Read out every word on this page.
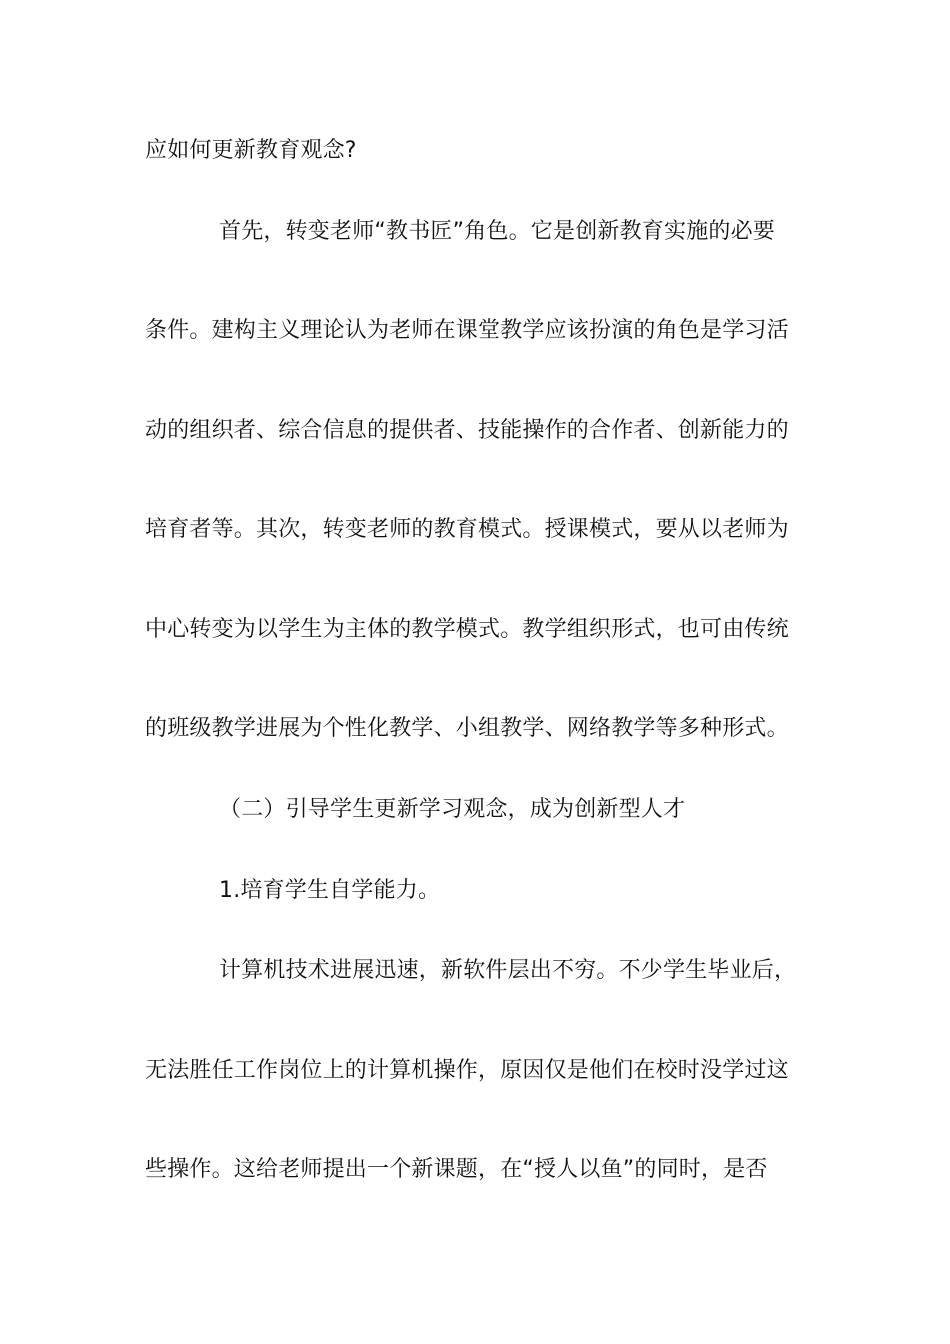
应如何更新教育观念?
首先，转变老师“教书匠”角色。它是创新教育实施的必要
条件。建构主义理论认为老师在课堂教学应该扮演的角色是学习活
动的组织者、综合信息的提供者、技能操作的合作者、创新能力的
培育者等。其次，转变老师的教育模式。授课模式，要从以老师为
中心转变为以学生为主体的教学模式。教学组织形式，也可由传统
的班级教学进展为个性化教学、小组教学、网络教学等多种形式。
（二）引导学生更新学习观念，成为创新型人才
1.培育学生自学能力。
计算机技术进展迅速，新软件层出不穷。不少学生毕业后，
无法胜任工作岗位上的计算机操作，原因仅是他们在校时没学过这
些操作。这给老师提出一个新课题，在“授人以鱼”的同时，是否
